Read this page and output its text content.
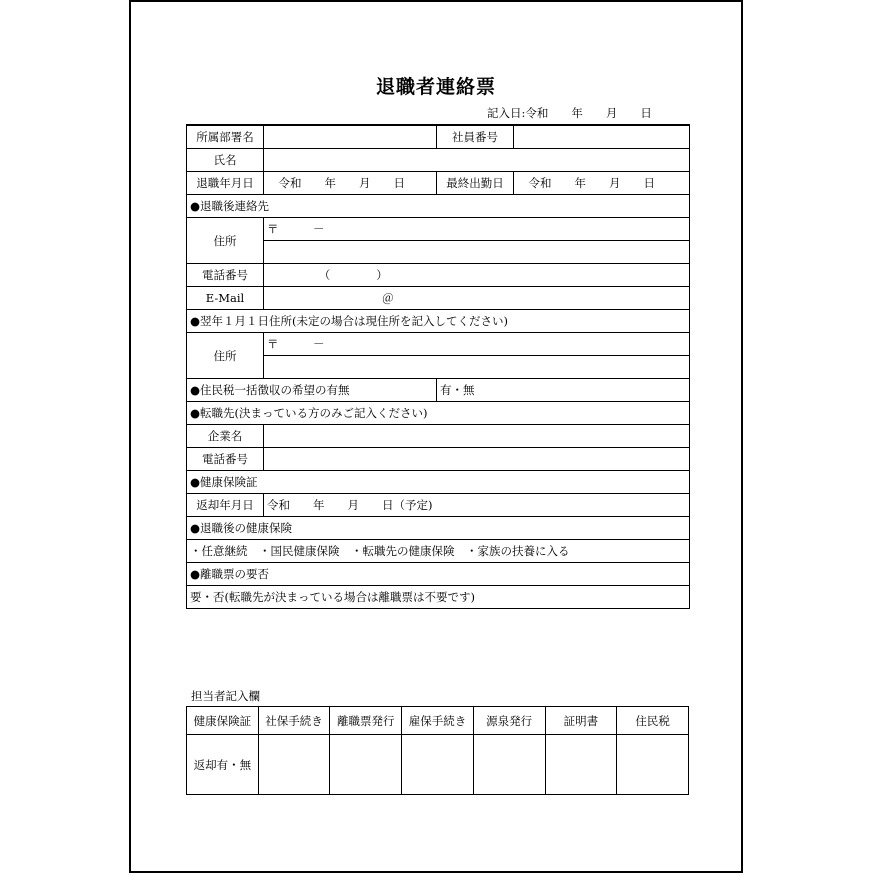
退職者連絡票
記入日:令和　　年　　月　　日
所属部署名		社員番号	
氏名			
退職年月日	　令和　　年　　月　　日	最終出勤日	　令和　　年　　月　　日
●退職後連絡先			
住所	〒　　　－		

電話番号	　　　　　（　　　　）		
E-Mail	　　　　　　　　　　＠		
●翌年１月１日住所(未定の場合は現住所を記入してください)			
住所	〒　　　－		

●住民税一括徴収の希望の有無		有・無	
●転職先(決まっている方のみご記入ください)			
企業名			
電話番号			
●健康保険証			
返却年月日	令和　　年　　月　　日（予定)		
●退職後の健康保険			
・任意継続　・国民健康保険　・転職先の健康保険　・家族の扶養に入る			
●離職票の要否			
要・否(転職先が決まっている場合は離職票は不要です)			
担当者記入欄
健康保険証	社保手続き	離職票発行	雇保手続き	源泉発行	証明書	住民税
返却有・無						
